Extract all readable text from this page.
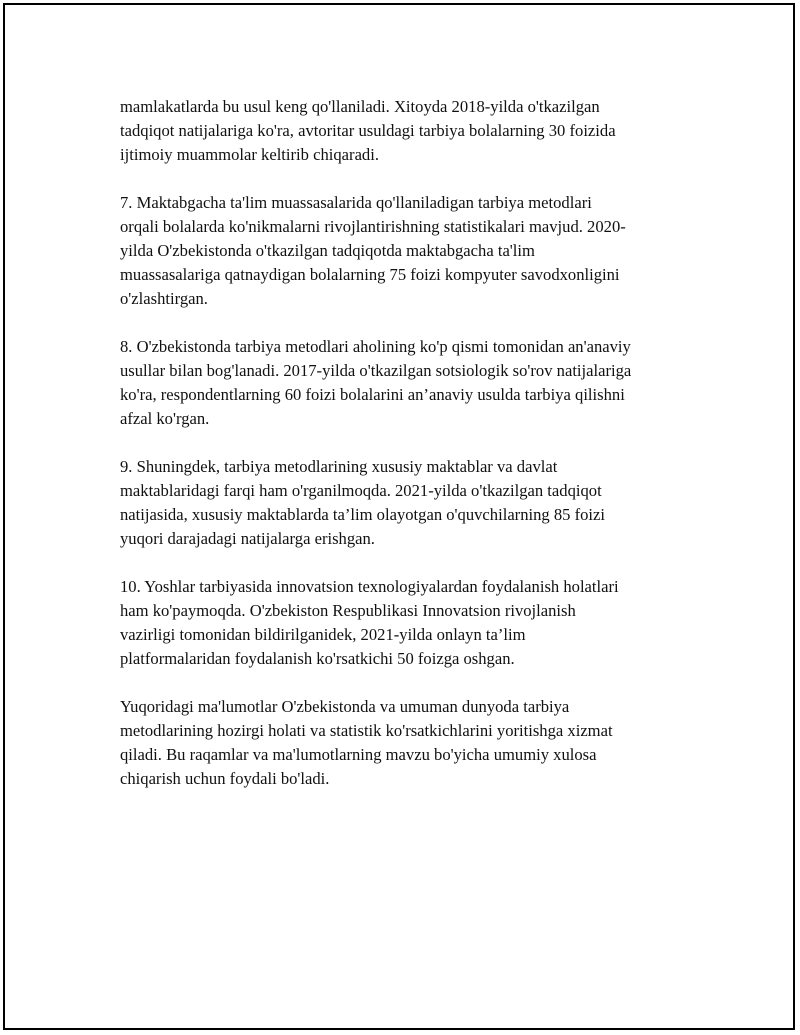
mamlakatlarda bu usul keng qo'llaniladi. Xitoyda 2018-yilda o'tkazilgan
tadqiqot natijalariga ko'ra, avtoritar usuldagi tarbiya bolalarning 30 foizida
ijtimoiy muammolar keltirib chiqaradi.

7. Maktabgacha ta'lim muassasalarida qo'llaniladigan tarbiya metodlari
orqali bolalarda ko'nikmalarni rivojlantirishning statistikalari mavjud. 2020-
yilda O'zbekistonda o'tkazilgan tadqiqotda maktabgacha ta'lim
muassasalariga qatnaydigan bolalarning 75 foizi kompyuter savodxonligini
o'zlashtirgan.

8. O'zbekistonda tarbiya metodlari aholining ko'p qismi tomonidan an'anaviy
usullar bilan bog'lanadi. 2017-yilda o'tkazilgan sotsiologik so'rov natijalariga
ko'ra, respondentlarning 60 foizi bolalarini an’anaviy usulda tarbiya qilishni
afzal ko'rgan.

9. Shuningdek, tarbiya metodlarining xususiy maktablar va davlat
maktablaridagi farqi ham o'rganilmoqda. 2021-yilda o'tkazilgan tadqiqot
natijasida, xususiy maktablarda ta’lim olayotgan o'quvchilarning 85 foizi
yuqori darajadagi natijalarga erishgan.

10. Yoshlar tarbiyasida innovatsion texnologiyalardan foydalanish holatlari
ham ko'paymoqda. O'zbekiston Respublikasi Innovatsion rivojlanish
vazirligi tomonidan bildirilganidek, 2021-yilda onlayn ta’lim
platformalaridan foydalanish ko'rsatkichi 50 foizga oshgan.

Yuqoridagi ma'lumotlar O'zbekistonda va umuman dunyoda tarbiya
metodlarining hozirgi holati va statistik ko'rsatkichlarini yoritishga xizmat
qiladi. Bu raqamlar va ma'lumotlarning mavzu bo'yicha umumiy xulosa
chiqarish uchun foydali bo'ladi.
